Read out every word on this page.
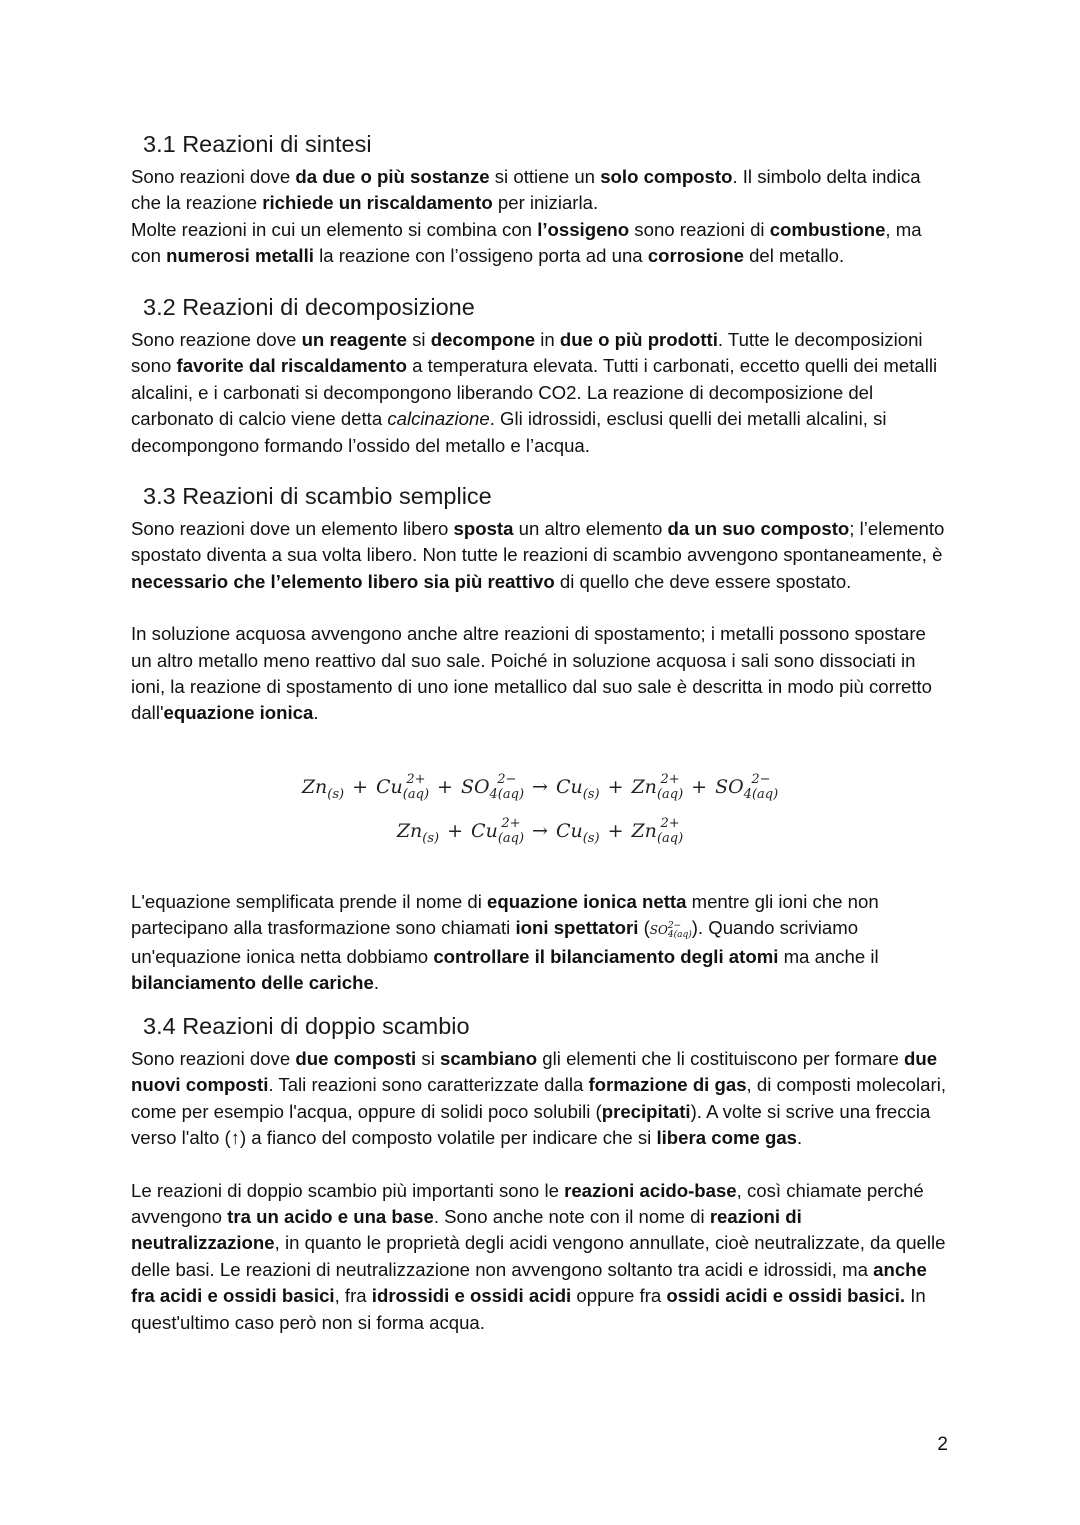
3.1 Reazioni di sintesi

Sono reazioni dove da due o più sostanze si ottiene un solo composto. Il simbolo delta indica che la reazione richiede un riscaldamento per iniziarla.
Molte reazioni in cui un elemento si combina con l’ossigeno sono reazioni di combustione, ma con numerosi metalli la reazione con l’ossigeno porta ad una corrosione del metallo.

3.2 Reazioni di decomposizione

Sono reazione dove un reagente si decompone in due o più prodotti. Tutte le decomposizioni sono favorite dal riscaldamento a temperatura elevata. Tutti i carbonati, eccetto quelli dei metalli alcalini, e i carbonati si decompongono liberando CO2. La reazione di decomposizione del carbonato di calcio viene detta calcinazione. Gli idrossidi, esclusi quelli dei metalli alcalini, si decompongono formando l’ossido del metallo e l’acqua.

3.3 Reazioni di scambio semplice

Sono reazioni dove un elemento libero sposta un altro elemento da un suo composto; l’elemento spostato diventa a sua volta libero. Non tutte le reazioni di scambio avvengono spontaneamente, è necessario che l’elemento libero sia più reattivo di quello che deve essere spostato.

In soluzione acquosa avvengono anche altre reazioni di spostamento; i metalli possono spostare un altro metallo meno reattivo dal suo sale. Poiché in soluzione acquosa i sali sono dissociati in ioni, la reazione di spostamento di uno ione metallico dal suo sale è descritta in modo più corretto dall'equazione ionica.

Zn
(s) + Cu 2+
(aq) + SO 2−
4(aq) → Cu
(s) + Zn 2+
(aq) + SO 2−
4(aq)
Zn
(s) + Cu 2+
(aq) → Cu
(s) + Zn 2+
(aq)

L'equazione semplificata prende il nome di equazione ionica netta mentre gli ioni che non partecipano alla trasformazione sono chiamati ioni spettatori (SO 2−
4(aq) ). Quando scriviamo un'equazione ionica netta dobbiamo controllare il bilanciamento degli atomi ma anche il bilanciamento delle cariche.

3.4 Reazioni di doppio scambio

Sono reazioni dove due composti si scambiano gli elementi che li costituiscono per formare due nuovi composti. Tali reazioni sono caratterizzate dalla formazione di gas, di composti molecolari, come per esempio l'acqua, oppure di solidi poco solubili (precipitati). A volte si scrive una freccia verso l'alto (↑) a fianco del composto volatile per indicare che si libera come gas.

Le reazioni di doppio scambio più importanti sono le reazioni acido-base, così chiamate perché avvengono tra un acido e una base. Sono anche note con il nome di reazioni di neutralizzazione, in quanto le proprietà degli acidi vengono annullate, cioè neutralizzate, da quelle delle basi. Le reazioni di neutralizzazione non avvengono soltanto tra acidi e idrossidi, ma anche fra acidi e ossidi basici, fra idrossidi e ossidi acidi oppure fra ossidi acidi e ossidi basici. In quest'ultimo caso però non si forma acqua.

2
